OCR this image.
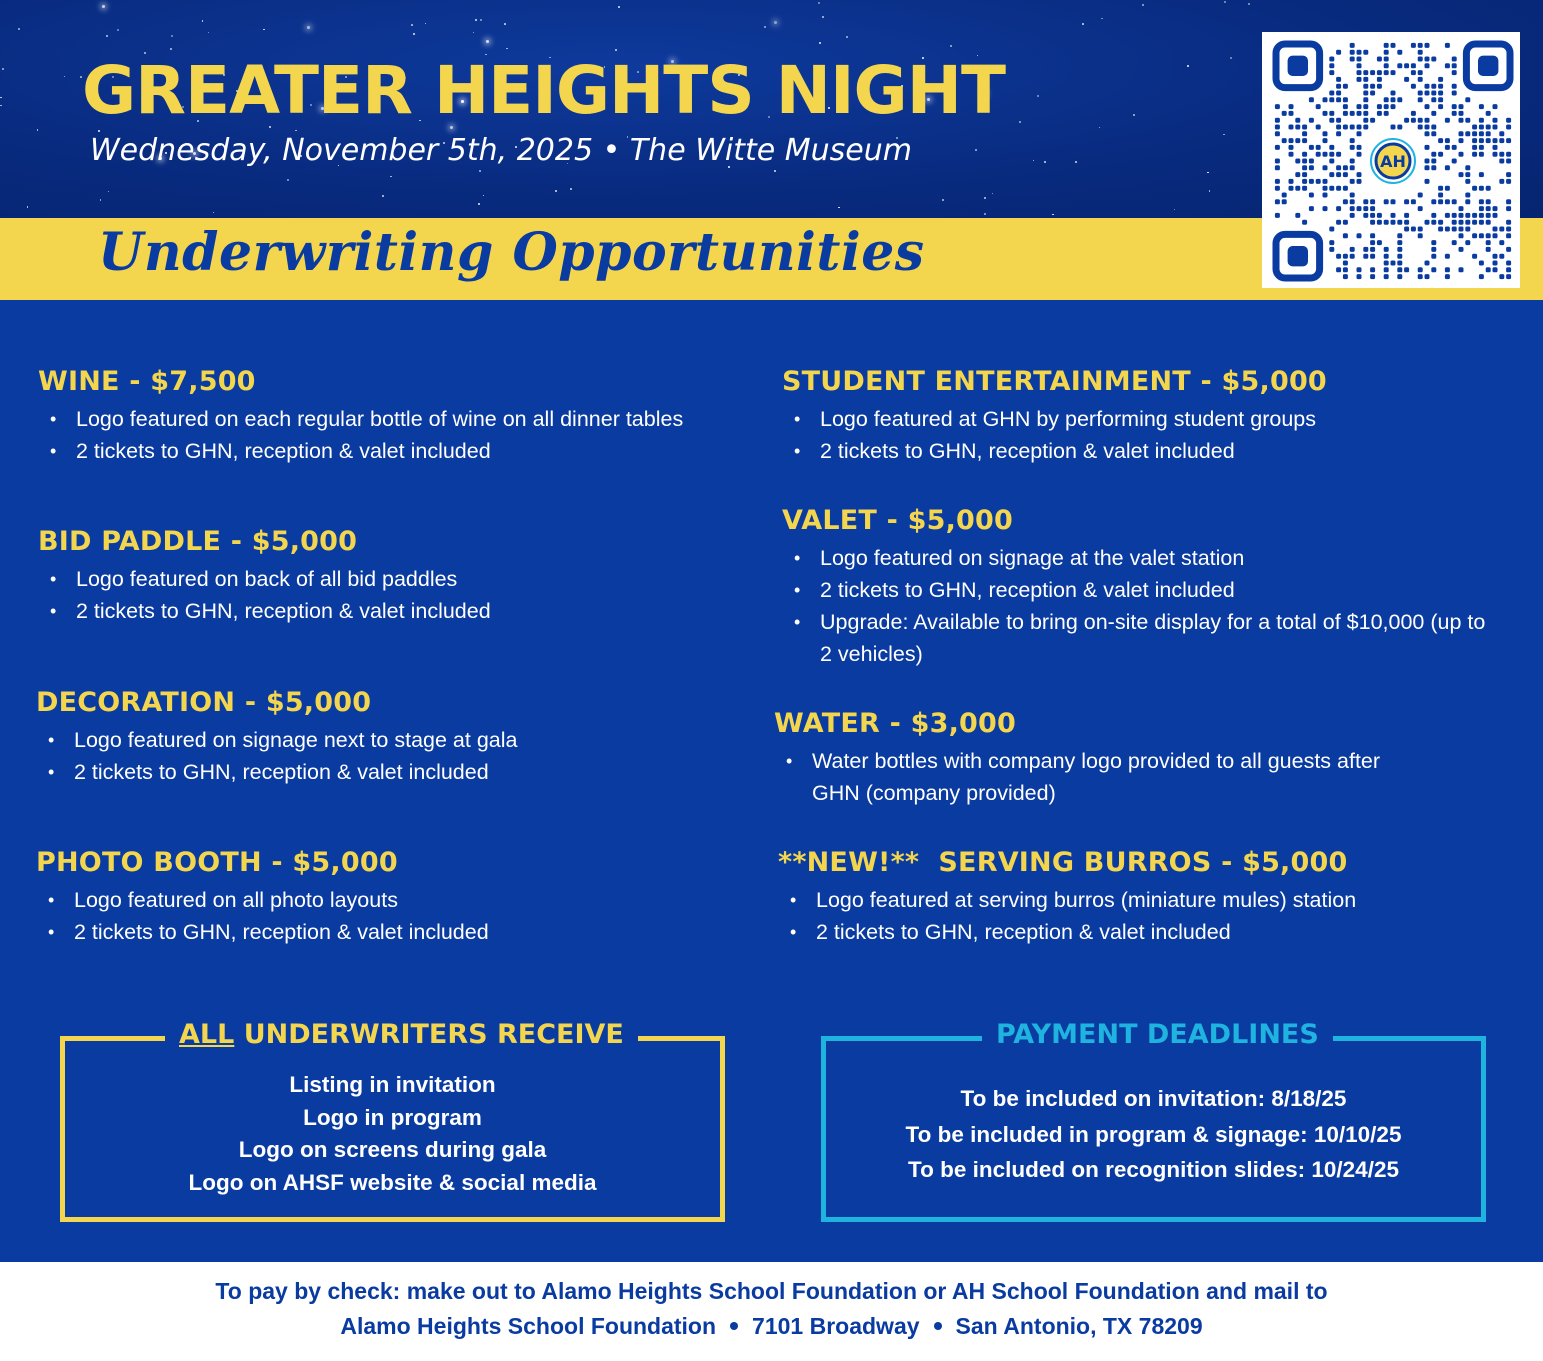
GREATER HEIGHTS NIGHT
Wednesday, November 5th, 2025 • The Witte Museum
Underwriting Opportunities
AH
WINE - $7,500
• Logo featured on each regular bottle of wine on all dinner tables
• 2 tickets to GHN, reception & valet included
BID PADDLE - $5,000
• Logo featured on back of all bid paddles
• 2 tickets to GHN, reception & valet included
DECORATION - $5,000
• Logo featured on signage next to stage at gala
• 2 tickets to GHN, reception & valet included
PHOTO BOOTH - $5,000
• Logo featured on all photo layouts
• 2 tickets to GHN, reception & valet included
STUDENT ENTERTAINMENT - $5,000
• Logo featured at GHN by performing student groups
• 2 tickets to GHN, reception & valet included
VALET - $5,000
• Logo featured on signage at the valet station
• 2 tickets to GHN, reception & valet included
• Upgrade: Available to bring on-site display for a total of $10,000 (up to 2 vehicles)
WATER - $3,000
• Water bottles with company logo provided to all guests after GHN (company provided)
**NEW!**  SERVING BURROS - $5,000
• Logo featured at serving burros (miniature mules) station
• 2 tickets to GHN, reception & valet included
ALL UNDERWRITERS RECEIVE
Listing in invitation
Logo in program
Logo on screens during gala
Logo on AHSF website & social media
PAYMENT DEADLINES
To be included on invitation: 8/18/25
To be included in program & signage: 10/10/25
To be included on recognition slides: 10/24/25
To pay by check: make out to Alamo Heights School Foundation or AH School Foundation and mail to
Alamo Heights School Foundation 7101 Broadway San Antonio, TX 78209
